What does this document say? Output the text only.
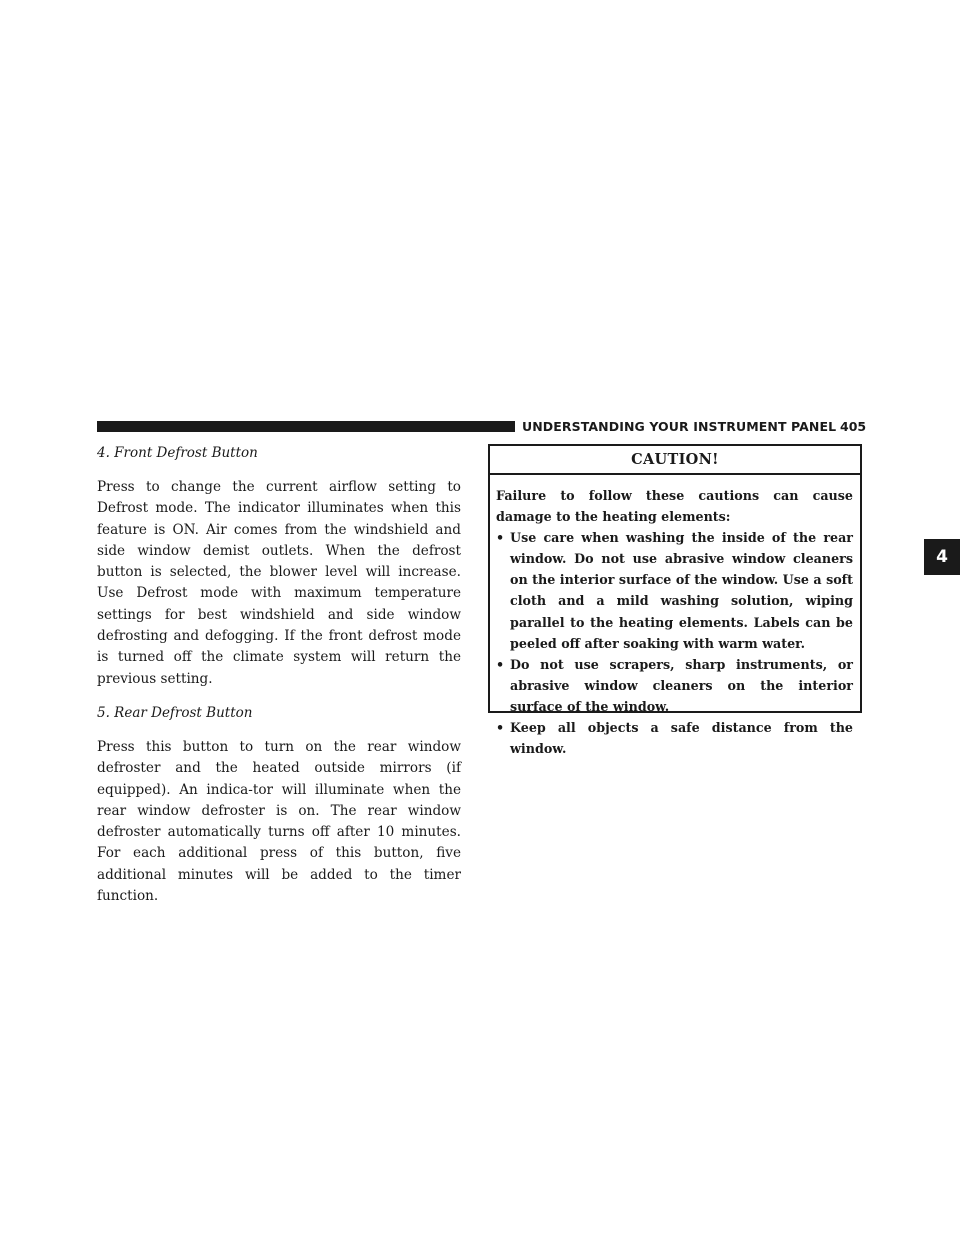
UNDERSTANDING YOUR INSTRUMENT PANEL 405
4
4. Front Defrost Button

Press to change the current airflow setting to Defrost mode. The indicator illuminates when this feature is ON. Air comes from the windshield and side window demist outlets. When the defrost button is selected, the blower level will increase. Use Defrost mode with maximum temperature settings for best windshield and side window defrosting and defogging. If the front defrost mode is turned off the climate system will return the previous setting.

5. Rear Defrost Button

Press this button to turn on the rear window defroster and the heated outside mirrors (if equipped). An indica-tor will illuminate when the rear window defroster is on. The rear window defroster automatically turns off after 10 minutes. For each additional press of this button, five additional minutes will be added to the timer function.

CAUTION!

Failure to follow these cautions can cause damage to the heating elements:

• Use care when washing the inside of the rear window. Do not use abrasive window cleaners on the interior surface of the window. Use a soft cloth and a mild washing solution, wiping parallel to the heating elements. Labels can be peeled off after soaking with warm water.
• Do not use scrapers, sharp instruments, or abrasive window cleaners on the interior surface of the window.
• Keep all objects a safe distance from the window.
